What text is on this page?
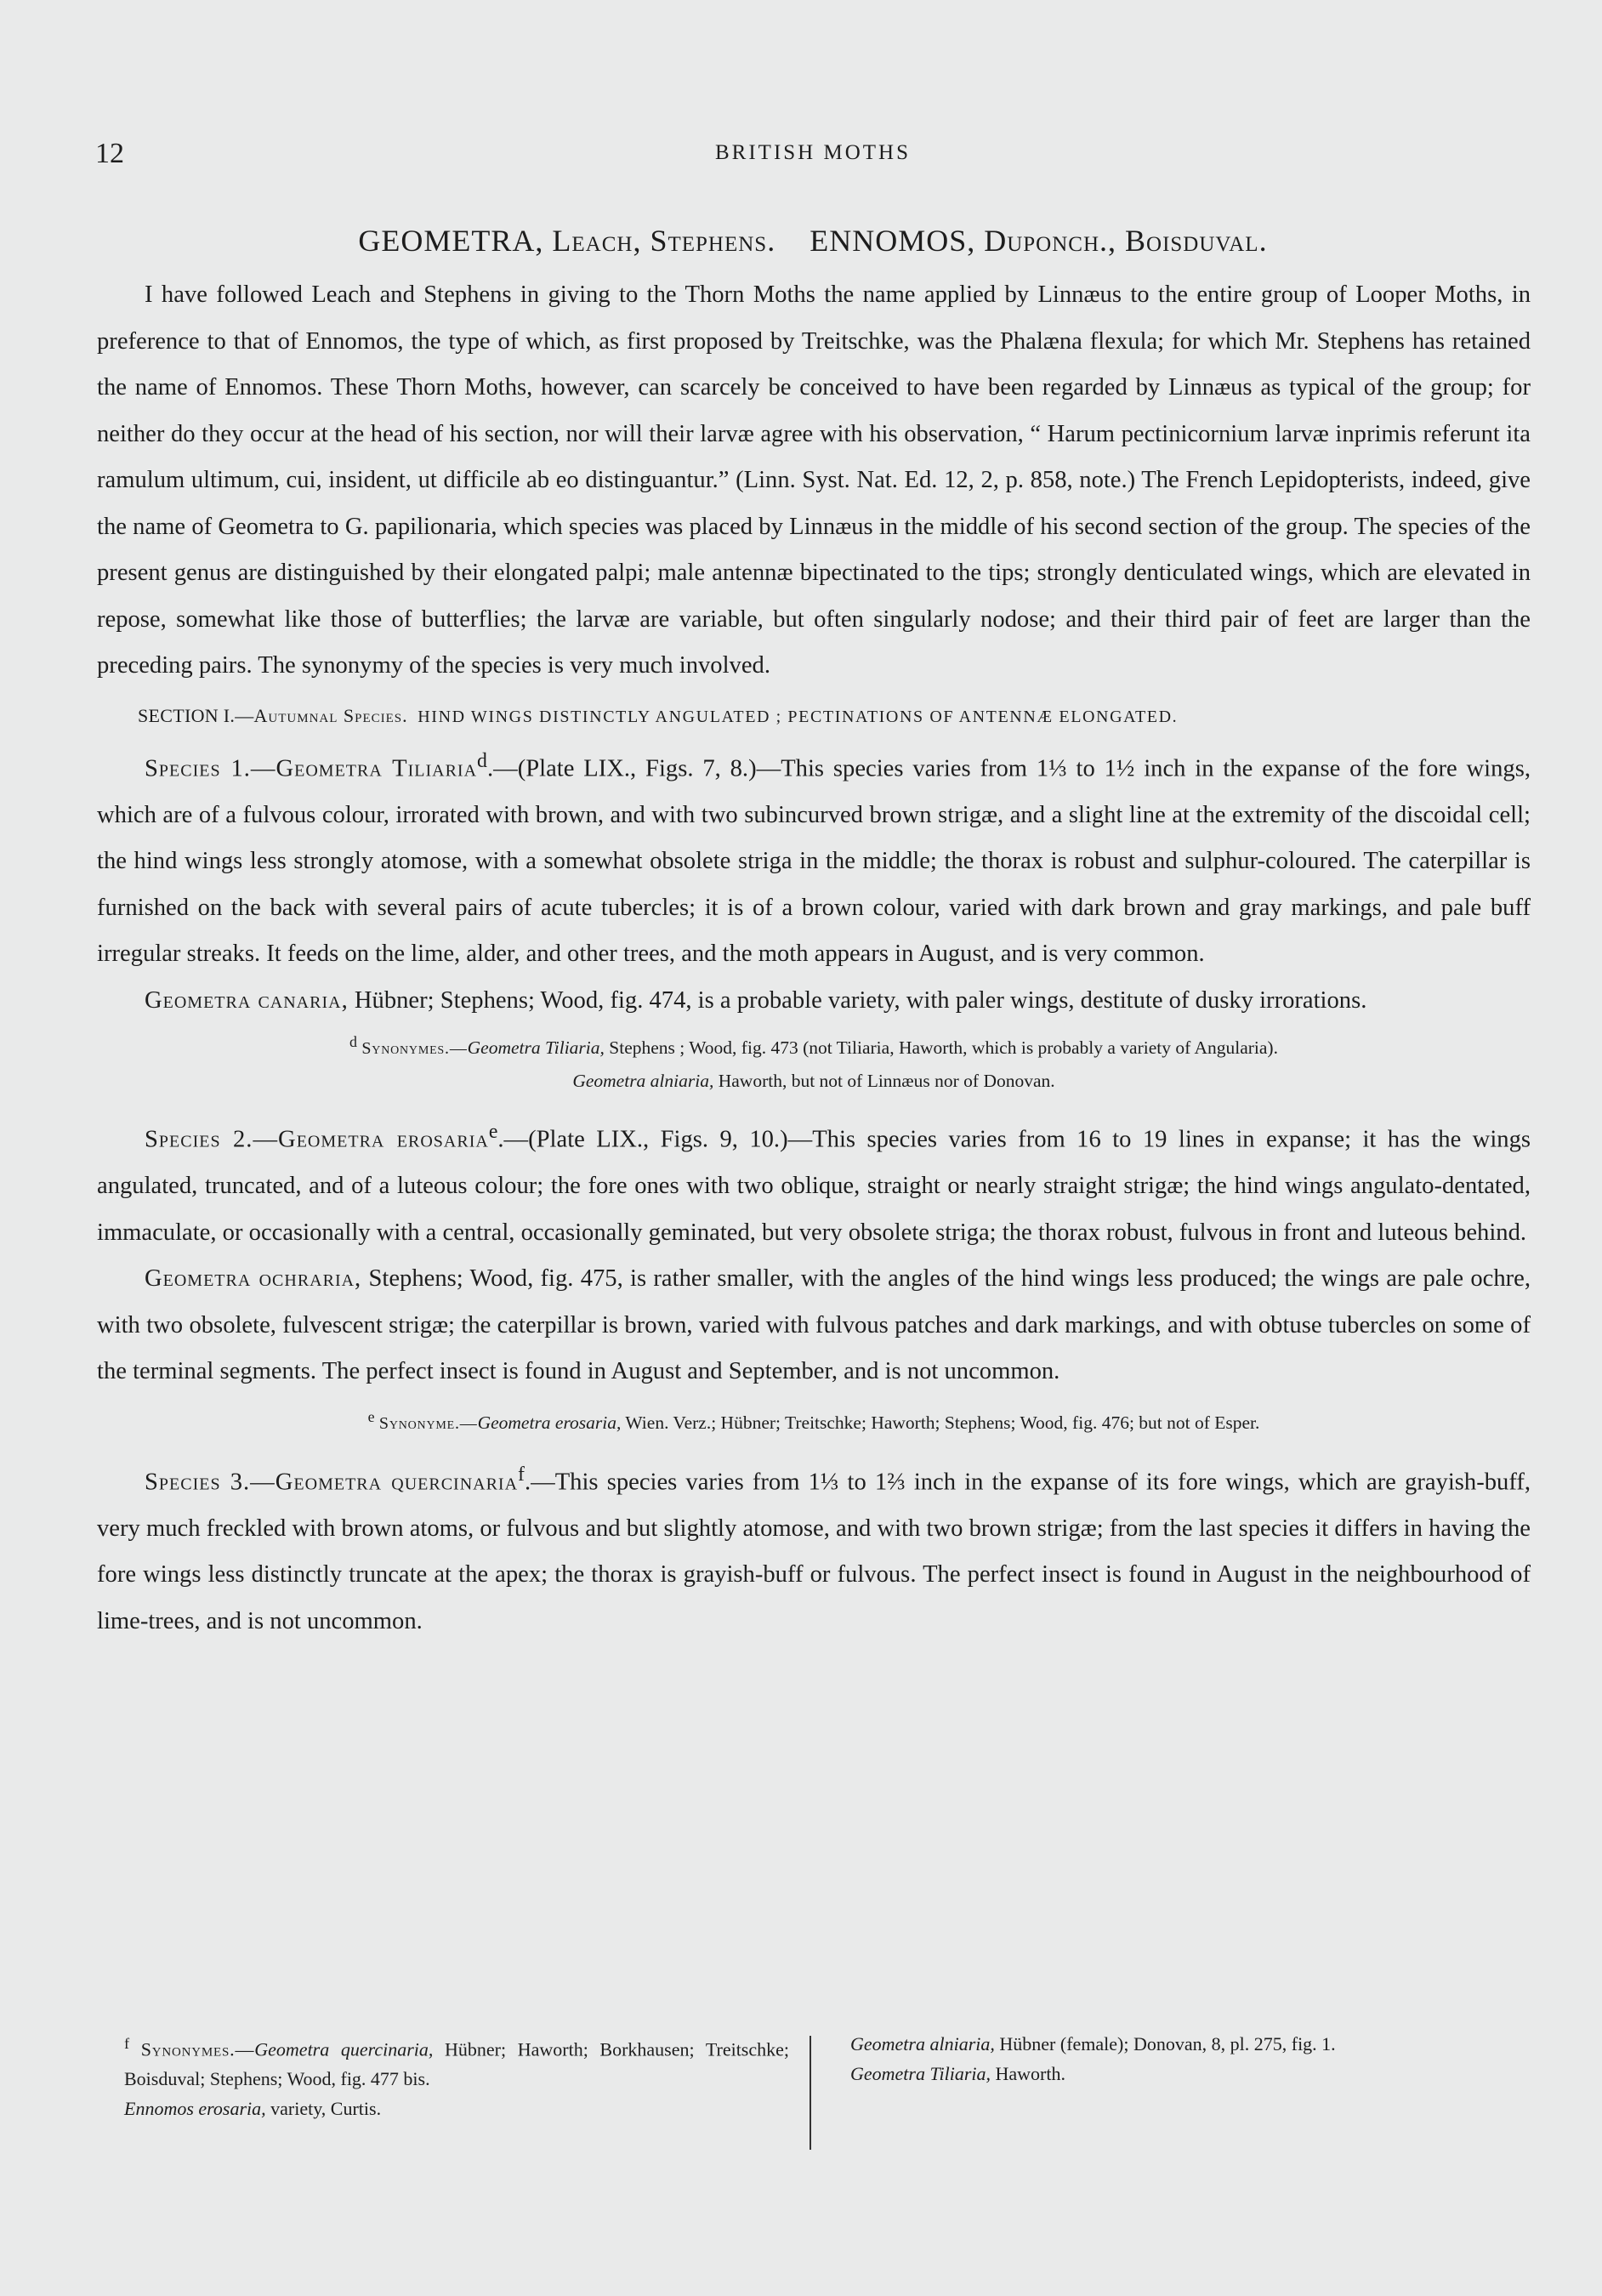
12	BRITISH MOTHS
GEOMETRA, Leach, Stephens. ENNOMOS, Duponch., Boisduval.

I have followed Leach and Stephens in giving to the Thorn Moths the name applied by Linnæus to the entire group of Looper Moths, in preference to that of Ennomos, the type of which, as first proposed by Treitschke, was the Phalæna flexula; for which Mr. Stephens has retained the name of Ennomos. These Thorn Moths, however, can scarcely be conceived to have been regarded by Linnæus as typical of the group; for neither do they occur at the head of his section, nor will their larvæ agree with his observation, “ Harum pectinicornium larvæ inprimis referunt ita ramulum ultimum, cui, insident, ut difficile ab eo distinguantur.” (Linn. Syst. Nat. Ed. 12, 2, p. 858, note.) The French Lepidopterists, indeed, give the name of Geometra to G. papilionaria, which species was placed by Linnæus in the middle of his second section of the group. The species of the present genus are distinguished by their elongated palpi; male antennæ bipectinated to the tips; strongly denticulated wings, which are elevated in repose, somewhat like those of butterflies; the larvæ are variable, but often singularly nodose; and their third pair of feet are larger than the preceding pairs. The synonymy of the species is very much involved.

SECTION I.—Autumnal Species. HIND WINGS DISTINCTLY ANGULATED ; PECTINATIONS OF ANTENNÆ ELONGATED.

Species 1.—Geometra Tiliaria$^d$.—(Plate LIX., Figs. 7, 8.)—This species varies from 1⅓ to 1½ inch in the expanse of the fore wings, which are of a fulvous colour, irrorated with brown, and with two subincurved brown strigæ, and a slight line at the extremity of the discoidal cell; the hind wings less strongly atomose, with a somewhat obsolete striga in the middle; the thorax is robust and sulphur-coloured. The caterpillar is furnished on the back with several pairs of acute tubercles; it is of a brown colour, varied with dark brown and gray markings, and pale buff irregular streaks. It feeds on the lime, alder, and other trees, and the moth appears in August, and is very common.

Geometra canaria, Hübner; Stephens; Wood, fig. 474, is a probable variety, with paler wings, destitute of dusky irrorations.

$^d$ Synonymes.—Geometra Tiliaria, Stephens ; Wood, fig. 473 (not Tiliaria, Haworth, which is probably a variety of Angularia).
Geometra alniaria, Haworth, but not of Linnæus nor of Donovan.

Species 2.—Geometra erosaria$^e$.—(Plate LIX., Figs. 9, 10.)—This species varies from 16 to 19 lines in expanse; it has the wings angulated, truncated, and of a luteous colour; the fore ones with two oblique, straight or nearly straight strigæ; the hind wings angulato-dentated, immaculate, or occasionally with a central, occasionally geminated, but very obsolete striga; the thorax robust, fulvous in front and luteous behind.

Geometra ochraria, Stephens; Wood, fig. 475, is rather smaller, with the angles of the hind wings less produced; the wings are pale ochre, with two obsolete, fulvescent strigæ; the caterpillar is brown, varied with fulvous patches and dark markings, and with obtuse tubercles on some of the terminal segments. The perfect insect is found in August and September, and is not uncommon.

$^e$ Synonyme.—Geometra erosaria, Wien. Verz.; Hübner; Treitschke; Haworth; Stephens; Wood, fig. 476; but not of Esper.

Species 3.—Geometra quercinaria$^f$.—This species varies from 1⅓ to 1⅔ inch in the expanse of its fore wings, which are grayish-buff, very much freckled with brown atoms, or fulvous and but slightly atomose, and with two brown strigæ; from the last species it differs in having the fore wings less distinctly truncate at the apex; the thorax is grayish-buff or fulvous. The perfect insect is found in August in the neighbourhood of lime-trees, and is not uncommon.

$^f$ Synonymes.—Geometra quercinaria, Hübner; Haworth; Borkhausen; Treitschke; Boisduval; Stephens; Wood, fig. 477 bis.

Ennomos erosaria, variety, Curtis.

Geometra alniaria, Hübner (female); Donovan, 8, pl. 275, fig. 1.

Geometra Tiliaria, Haworth.
